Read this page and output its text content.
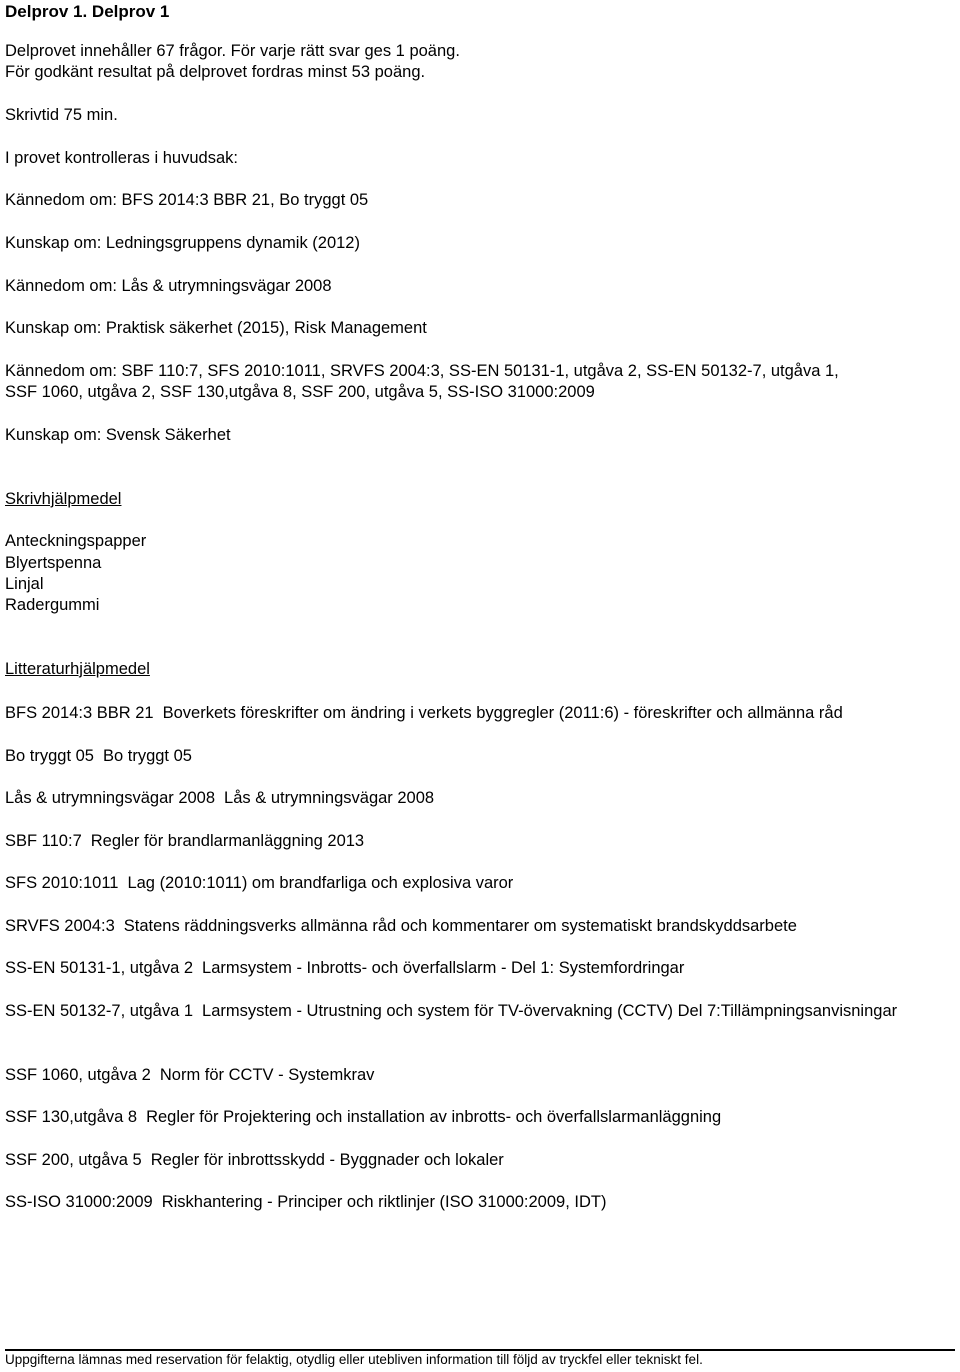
Delprov 1. Delprov 1

Delprovet innehåller 67 frågor. För varje rätt svar ges 1 poäng.

För godkänt resultat på delprovet fordras minst 53 poäng.

Skrivtid 75 min.

I provet kontrolleras i huvudsak:

Kännedom om: BFS 2014:3 BBR 21, Bo tryggt 05

Kunskap om: Ledningsgruppens dynamik (2012)

Kännedom om: Lås & utrymningsvägar 2008

Kunskap om: Praktisk säkerhet (2015), Risk Management

Kännedom om: SBF 110:7, SFS 2010:1011, SRVFS 2004:3, SS-EN 50131-1, utgåva 2, SS-EN 50132-7, utgåva 1,

SSF 1060, utgåva 2, SSF 130,utgåva 8, SSF 200, utgåva 5, SS-ISO 31000:2009

Kunskap om: Svensk Säkerhet

Skrivhjälpmedel

Anteckningspapper

Blyertspenna

Linjal

Radergummi

Litteraturhjälpmedel

BFS 2014:3 BBR 21 Boverkets föreskrifter om ändring i verkets byggregler (2011:6) - föreskrifter och allmänna råd

Bo tryggt 05 Bo tryggt 05

Lås & utrymningsvägar 2008 Lås & utrymningsvägar 2008

SBF 110:7 Regler för brandlarmanläggning 2013

SFS 2010:1011 Lag (2010:1011) om brandfarliga och explosiva varor

SRVFS 2004:3 Statens räddningsverks allmänna råd och kommentarer om systematiskt brandskyddsarbete

SS-EN 50131-1, utgåva 2 Larmsystem - Inbrotts- och överfallslarm - Del 1: Systemfordringar

SS-EN 50132-7, utgåva 1 Larmsystem - Utrustning och system för TV-övervakning (CCTV) Del 7:Tillämpningsanvisningar

SSF 1060, utgåva 2 Norm för CCTV - Systemkrav

SSF 130,utgåva 8 Regler för Projektering och installation av inbrotts- och överfallslarmanläggning

SSF 200, utgåva 5 Regler för inbrottsskydd - Byggnader och lokaler

SS-ISO 31000:2009 Riskhantering - Principer och riktlinjer (ISO 31000:2009, IDT)

Uppgifterna lämnas med reservation för felaktig, otydlig eller utebliven information till följd av tryckfel eller tekniskt fel.
